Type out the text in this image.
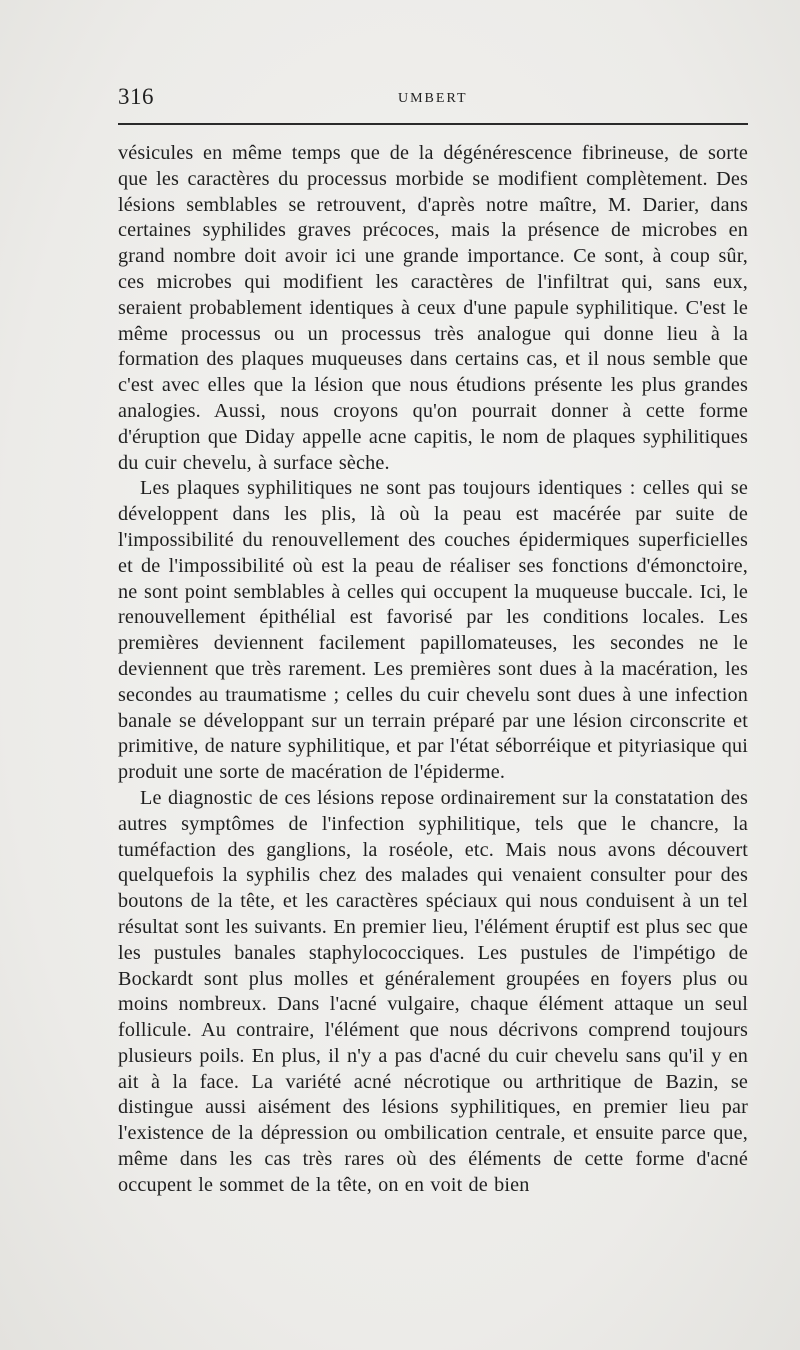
316	UMBERT

vésicules en même temps que de la dégénérescence fibrineuse, de sorte que les caractères du processus morbide se modifient complètement. Des lésions semblables se retrouvent, d'après notre maître, M. Darier, dans certaines syphilides graves précoces, mais la présence de microbes en grand nombre doit avoir ici une grande importance. Ce sont, à coup sûr, ces microbes qui modifient les caractères de l'infiltrat qui, sans eux, seraient probablement identiques à ceux d'une papule syphilitique. C'est le même processus ou un processus très analogue qui donne lieu à la formation des plaques muqueuses dans certains cas, et il nous semble que c'est avec elles que la lésion que nous étudions présente les plus grandes analogies. Aussi, nous croyons qu'on pourrait donner à cette forme d'éruption que Diday appelle acne capitis, le nom de plaques syphilitiques du cuir chevelu, à surface sèche.

Les plaques syphilitiques ne sont pas toujours identiques : celles qui se développent dans les plis, là où la peau est macérée par suite de l'impossibilité du renouvellement des couches épidermiques superficielles et de l'impossibilité où est la peau de réaliser ses fonctions d'émonctoire, ne sont point semblables à celles qui occupent la muqueuse buccale. Ici, le renouvellement épithélial est favorisé par les conditions locales. Les premières deviennent facilement papillomateuses, les secondes ne le deviennent que très rarement. Les premières sont dues à la macération, les secondes au traumatisme ; celles du cuir chevelu sont dues à une infection banale se développant sur un terrain préparé par une lésion circonscrite et primitive, de nature syphilitique, et par l'état séborréique et pityriasique qui produit une sorte de macération de l'épiderme.

Le diagnostic de ces lésions repose ordinairement sur la constatation des autres symptômes de l'infection syphilitique, tels que le chancre, la tuméfaction des ganglions, la roséole, etc. Mais nous avons découvert quelquefois la syphilis chez des malades qui venaient consulter pour des boutons de la tête, et les caractères spéciaux qui nous conduisent à un tel résultat sont les suivants. En premier lieu, l'élément éruptif est plus sec que les pustules banales staphylococciques. Les pustules de l'impétigo de Bockardt sont plus molles et généralement groupées en foyers plus ou moins nombreux. Dans l'acné vulgaire, chaque élément attaque un seul follicule. Au contraire, l'élément que nous décrivons comprend toujours plusieurs poils. En plus, il n'y a pas d'acné du cuir chevelu sans qu'il y en ait à la face. La variété acné nécrotique ou arthritique de Bazin, se distingue aussi aisément des lésions syphilitiques, en premier lieu par l'existence de la dépression ou ombilication centrale, et ensuite parce que, même dans les cas très rares où des éléments de cette forme d'acné occupent le sommet de la tête, on en voit de bien
